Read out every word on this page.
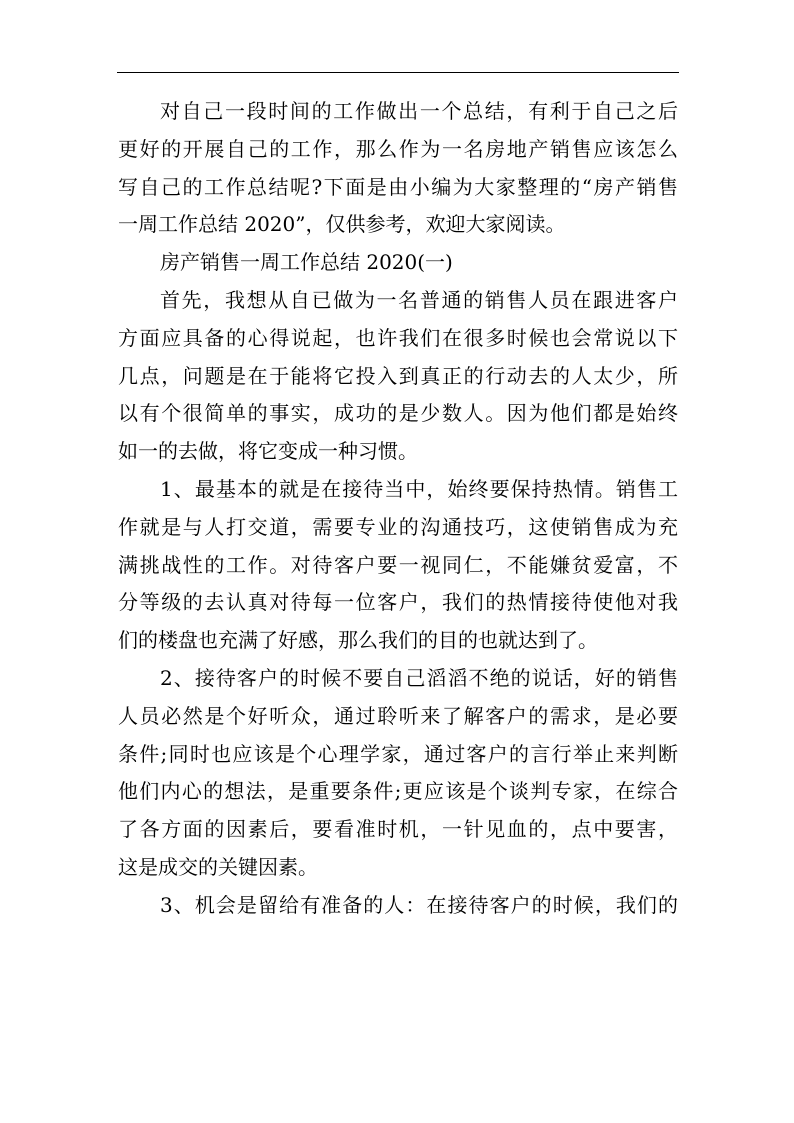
对自己一段时间的工作做出一个总结，有利于自己之后
更好的开展自己的工作，那么作为一名房地产销售应该怎么
写自己的工作总结呢?下面是由小编为大家整理的“房产销售
一周工作总结 2020”，仅供参考，欢迎大家阅读。
房产销售一周工作总结 2020(一)
首先，我想从自已做为一名普通的销售人员在跟进客户
方面应具备的心得说起，也许我们在很多时候也会常说以下
几点，问题是在于能将它投入到真正的行动去的人太少，所
以有个很简单的事实，成功的是少数人。因为他们都是始终
如一的去做，将它变成一种习惯。
1、最基本的就是在接待当中，始终要保持热情。销售工
作就是与人打交道，需要专业的沟通技巧，这使销售成为充
满挑战性的工作。对待客户要一视同仁，不能嫌贫爱富，不
分等级的去认真对待每一位客户，我们的热情接待使他对我
们的楼盘也充满了好感，那么我们的目的也就达到了。
2、接待客户的时候不要自己滔滔不绝的说话，好的销售
人员必然是个好听众，通过聆听来了解客户的需求，是必要
条件;同时也应该是个心理学家，通过客户的言行举止来判断
他们内心的想法，是重要条件;更应该是个谈判专家，在综合
了各方面的因素后，要看准时机，一针见血的，点中要害，
这是成交的关键因素。
3、机会是留给有准备的人：在接待客户的时候，我们的
